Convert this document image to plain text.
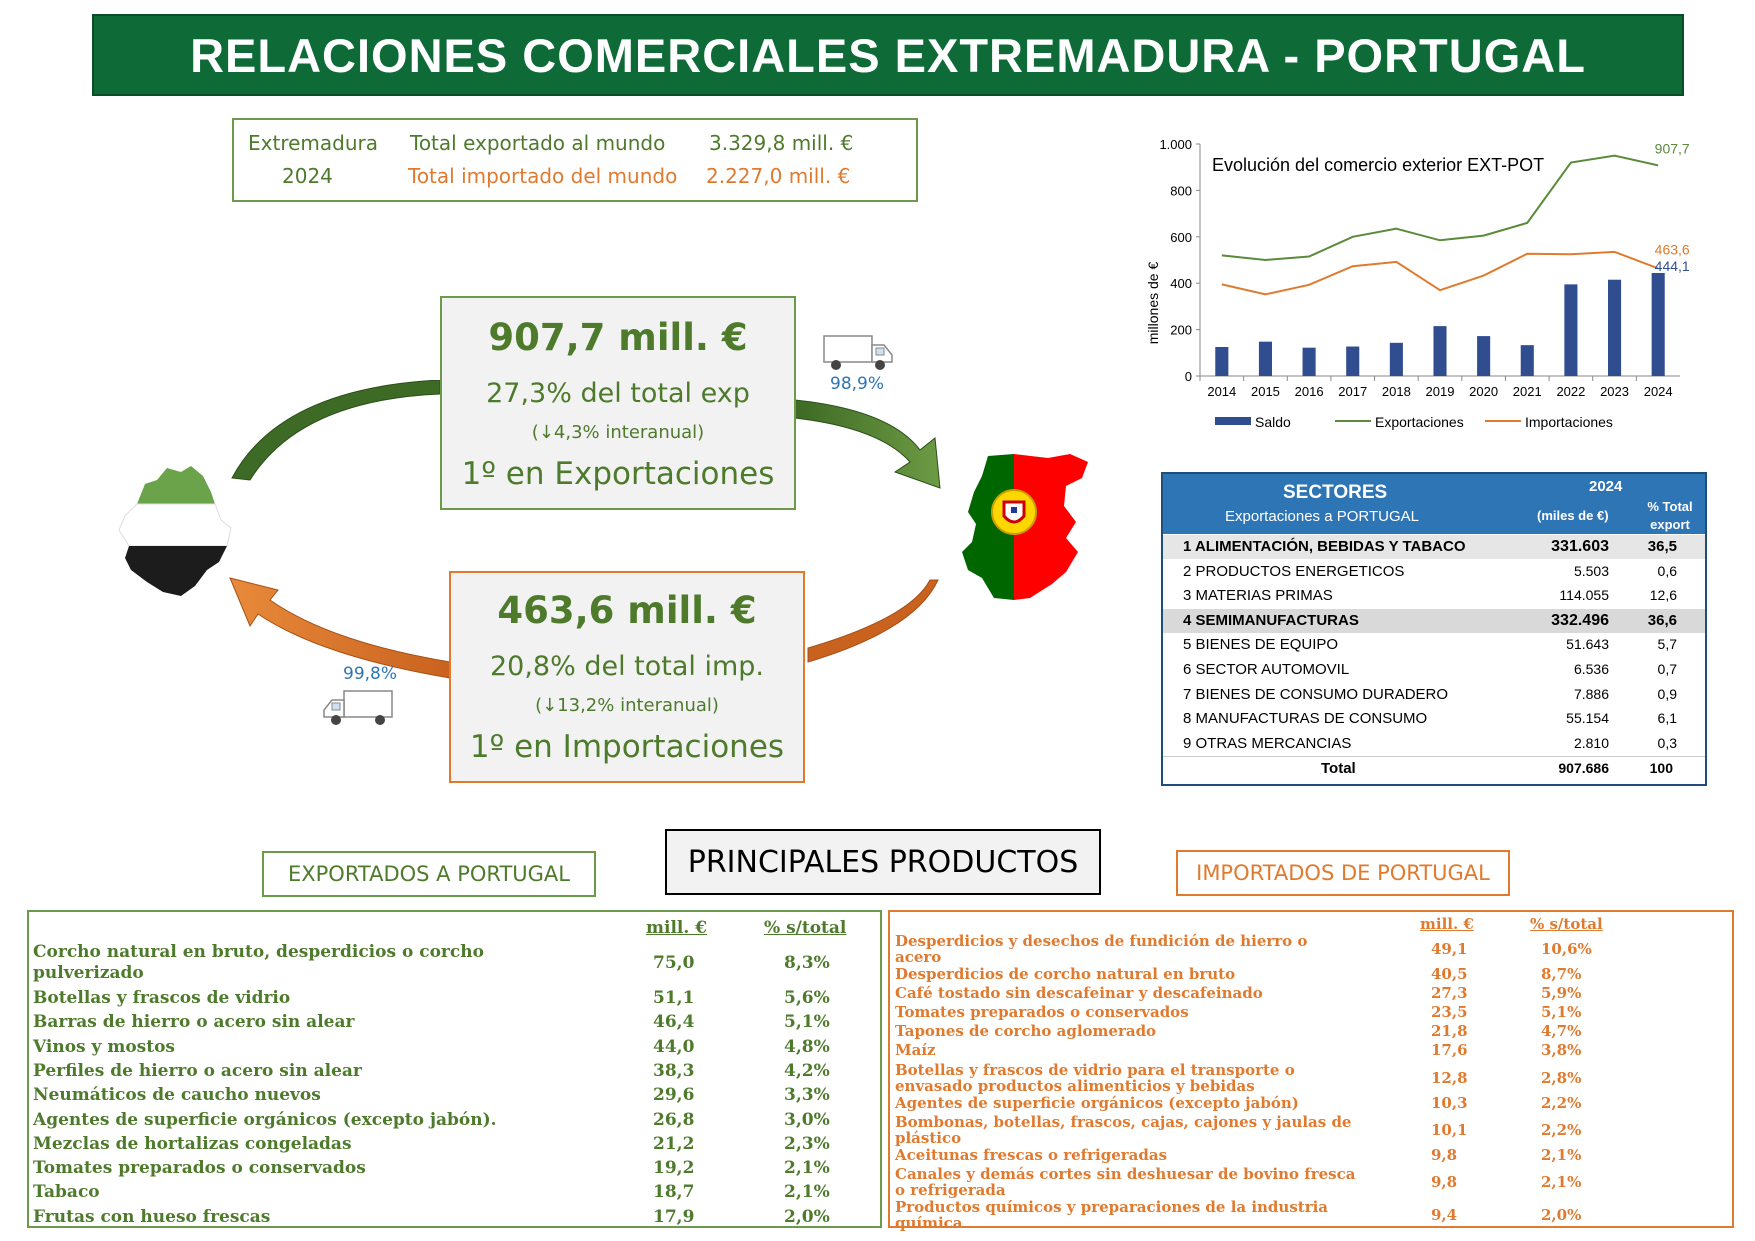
RELACIONES COMERCIALES EXTREMADURA - PORTUGAL
Extremadura
2024
Total exportado al mundo 3.329,8 mill. €
Total importado del mundo 2.227,0 mill. €
98,9%
99,8%
907,7 mill. €
27,3% del total exp
(↓4,3% interanual)
1º en Exportaciones
463,6 mill. €
20,8% del total imp.
(↓13,2% interanual)
1º en Importaciones
0
200
400
600
800
1.000
2014 2015 2016 2017 2018 2019 2020 2021 2022 2023 2024
444,1
907,7
463,6
Evolución del comercio exterior EXT-POT
millones de €
Saldo	Exportaciones	Importaciones
SECTORES
Exportaciones a PORTUGAL
2024
(miles de €)
% Total export
1 ALIMENTACIÓN, BEBIDAS Y TABACO	331.603	36,5
2 PRODUCTOS ENERGETICOS	5.503	0,6
3 MATERIAS PRIMAS	114.055	12,6
4 SEMIMANUFACTURAS	332.496	36,6
5 BIENES DE EQUIPO	51.643	5,7
6 SECTOR AUTOMOVIL	6.536	0,7
7 BIENES DE CONSUMO DURADERO	7.886	0,9
8 MANUFACTURAS DE CONSUMO	55.154	6,1
9 OTRAS MERCANCIAS	2.810	0,3
Total	907.686	100
PRINCIPALES PRODUCTOS
EXPORTADOS A PORTUGAL	IMPORTADOS DE PORTUGAL
mill. €	% s/total
Corcho natural en bruto, desperdicios o corcho
pulverizado	75,0	8,3%
Botellas y frascos de vidrio	51,1	5,6%
Barras de hierro o acero sin alear	46,4	5,1%
Vinos y mostos	44,0	4,8%
Perfiles de hierro o acero sin alear	38,3	4,2%
Neumáticos de caucho nuevos	29,6	3,3%
Agentes de superficie orgánicos (excepto jabón).	26,8	3,0%
Mezclas de hortalizas congeladas	21,2	2,3%
Tomates preparados o conservados	19,2	2,1%
Tabaco	18,7	2,1%
Frutas con hueso frescas	17,9	2,0%
mill. €	% s/total
Desperdicios y desechos de fundición de hierro o
acero	49,1	10,6%
Desperdicios de corcho natural en bruto	40,5	8,7%
Café tostado sin descafeinar y descafeinado	27,3	5,9%
Tomates preparados o conservados	23,5	5,1%
Tapones de corcho aglomerado	21,8	4,7%
Maíz	17,6	3,8%
Botellas y frascos de vidrio para el transporte o
envasado productos alimenticios y bebidas	12,8	2,8%
Agentes de superficie orgánicos (excepto jabón)	10,3	2,2%
Bombonas, botellas, frascos, cajas, cajones y jaulas de
plástico	10,1	2,2%
Aceitunas frescas o refrigeradas	9,8	2,1%
Canales y demás cortes sin deshuesar de bovino fresca
o refrigerada	9,8	2,1%
Productos químicos y preparaciones de la industria
química	9,4	2,0%
